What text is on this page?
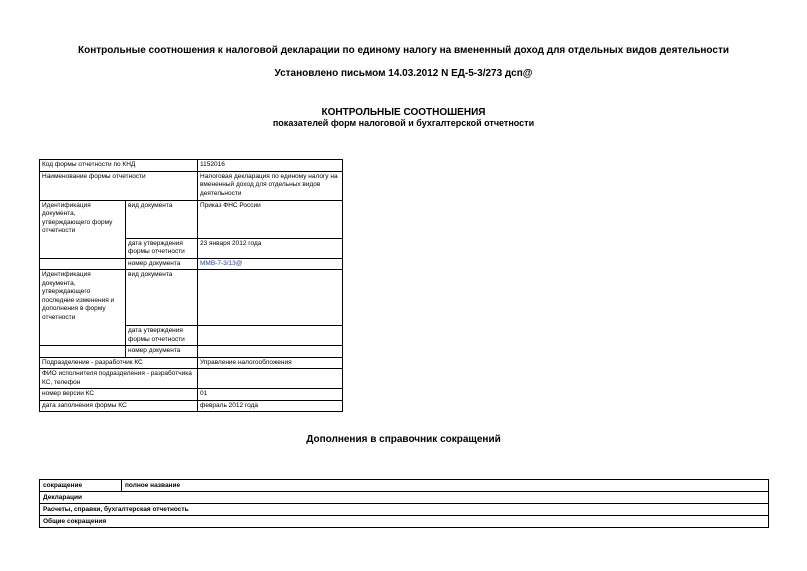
Контрольные соотношения к налоговой декларации по единому налогу на вмененный доход для отдельных видов деятельности
Установлено письмом 14.03.2012 N ЕД-5-3/273 дсп@
КОНТРОЛЬНЫЕ СООТНОШЕНИЯ
показателей форм налоговой и бухгалтерской отчетности
Код формы отчетности по КНД		1152016
Наименование формы отчетности		Налоговая декларация по единому налогу на вмененный доход для отдельных видов деятельности
Идентификация документа, утверждающего форму отчетности	вид документа	Приказ ФНС России
	дата утверждения формы отчетности	23 января 2012 года
	номер документа	ММВ-7-3/13@
Идентификация документа, утверждающего последние изменения и дополнения в форму отчетности	вид документа	
	дата утверждения формы отчетности	
	номер документа	
Подразделение - разработчик КС		Управление налогообложения
ФИО исполнителя подразделения - разработчика КС, телефон		
номер версии КС		01
дата заполнения формы КС		февраль 2012 года
Дополнения в справочник сокращений
сокращение	полное название
Декларации
Расчеты, справки, бухгалтерская отчетность
Общие сокращения
